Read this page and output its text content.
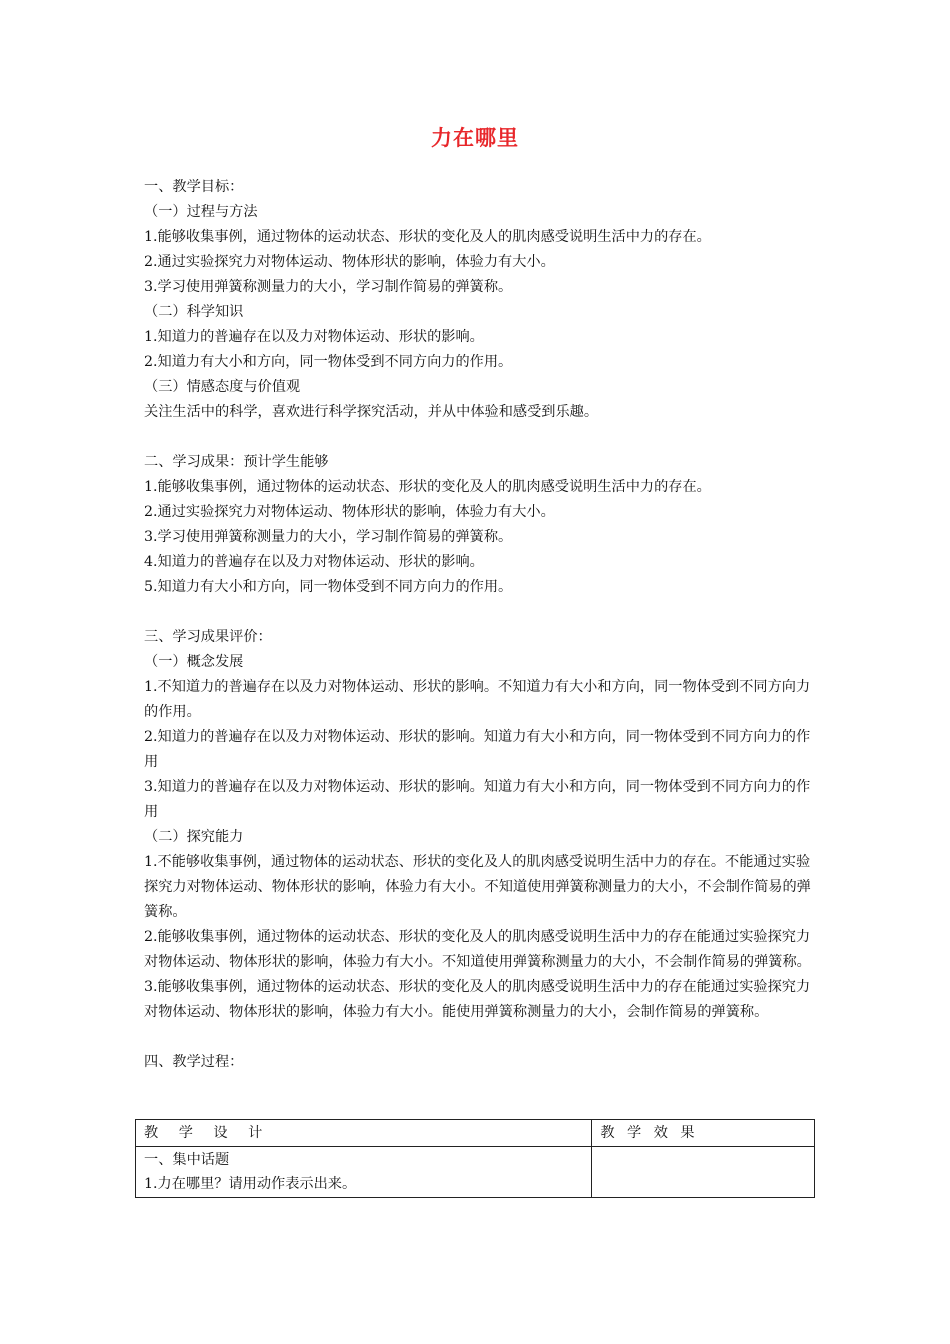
力在哪里
一、教学目标：
（一）过程与方法
1.能够收集事例，通过物体的运动状态、形状的变化及人的肌肉感受说明生活中力的存在。
2.通过实验探究力对物体运动、物体形状的影响，体验力有大小。
3.学习使用弹簧称测量力的大小，学习制作简易的弹簧称。
（二）科学知识
1.知道力的普遍存在以及力对物体运动、形状的影响。
2.知道力有大小和方向，同一物体受到不同方向力的作用。
（三）情感态度与价值观
关注生活中的科学，喜欢进行科学探究活动，并从中体验和感受到乐趣。
二、学习成果：预计学生能够
1.能够收集事例，通过物体的运动状态、形状的变化及人的肌肉感受说明生活中力的存在。
2.通过实验探究力对物体运动、物体形状的影响，体验力有大小。
3.学习使用弹簧称测量力的大小，学习制作简易的弹簧称。
4.知道力的普遍存在以及力对物体运动、形状的影响。
5.知道力有大小和方向，同一物体受到不同方向力的作用。
三、学习成果评价：
（一）概念发展
1.不知道力的普遍存在以及力对物体运动、形状的影响。不知道力有大小和方向，同一物体受到不同方向力的作用。
2.知道力的普遍存在以及力对物体运动、形状的影响。知道力有大小和方向，同一物体受到不同方向力的作用
3.知道力的普遍存在以及力对物体运动、形状的影响。知道力有大小和方向，同一物体受到不同方向力的作用
（二）探究能力
1.不能够收集事例，通过物体的运动状态、形状的变化及人的肌肉感受说明生活中力的存在。不能通过实验探究力对物体运动、物体形状的影响，体验力有大小。不知道使用弹簧称测量力的大小，不会制作简易的弹簧称。
2.能够收集事例，通过物体的运动状态、形状的变化及人的肌肉感受说明生活中力的存在能通过实验探究力对物体运动、物体形状的影响，体验力有大小。不知道使用弹簧称测量力的大小，不会制作简易的弹簧称。
3.能够收集事例，通过物体的运动状态、形状的变化及人的肌肉感受说明生活中力的存在能通过实验探究力对物体运动、物体形状的影响，体验力有大小。能使用弹簧称测量力的大小，会制作简易的弹簧称。
四、教学过程：
教 学 设 计	教 学 效 果

一、集中话题
1.力在哪里？请用动作表示出来。	
